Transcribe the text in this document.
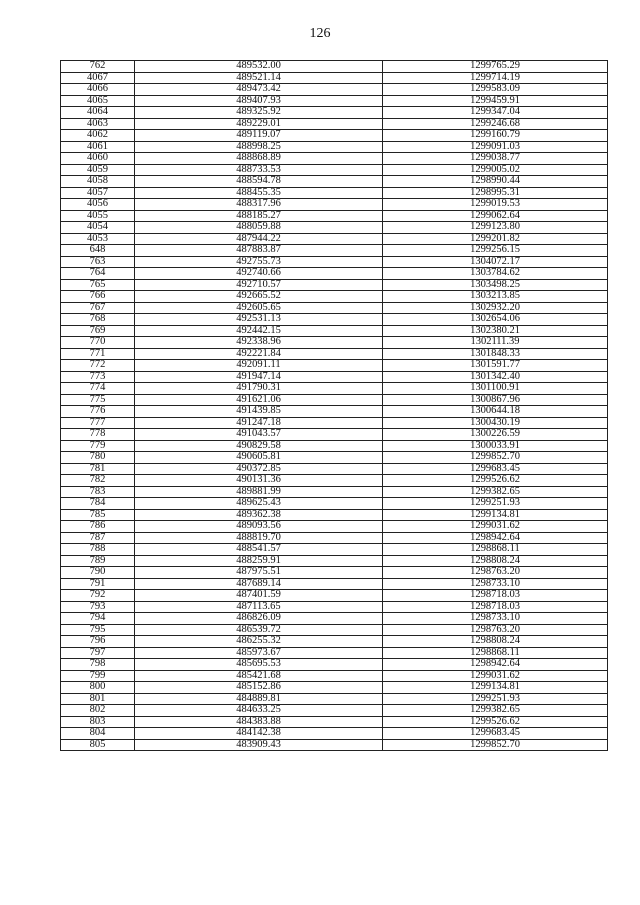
126
762	489532.00	1299765.29
4067	489521.14	1299714.19
4066	489473.42	1299583.09
4065	489407.93	1299459.91
4064	489325.92	1299347.04
4063	489229.01	1299246.68
4062	489119.07	1299160.79
4061	488998.25	1299091.03
4060	488868.89	1299038.77
4059	488733.53	1299005.02
4058	488594.78	1298990.44
4057	488455.35	1298995.31
4056	488317.96	1299019.53
4055	488185.27	1299062.64
4054	488059.88	1299123.80
4053	487944.22	1299201.82
648	487883.87	1299256.15
763	492755.73	1304072.17
764	492740.66	1303784.62
765	492710.57	1303498.25
766	492665.52	1303213.85
767	492605.65	1302932.20
768	492531.13	1302654.06
769	492442.15	1302380.21
770	492338.96	1302111.39
771	492221.84	1301848.33
772	492091.11	1301591.77
773	491947.14	1301342.40
774	491790.31	1301100.91
775	491621.06	1300867.96
776	491439.85	1300644.18
777	491247.18	1300430.19
778	491043.57	1300226.59
779	490829.58	1300033.91
780	490605.81	1299852.70
781	490372.85	1299683.45
782	490131.36	1299526.62
783	489881.99	1299382.65
784	489625.43	1299251.93
785	489362.38	1299134.81
786	489093.56	1299031.62
787	488819.70	1298942.64
788	488541.57	1298868.11
789	488259.91	1298808.24
790	487975.51	1298763.20
791	487689.14	1298733.10
792	487401.59	1298718.03
793	487113.65	1298718.03
794	486826.09	1298733.10
795	486539.72	1298763.20
796	486255.32	1298808.24
797	485973.67	1298868.11
798	485695.53	1298942.64
799	485421.68	1299031.62
800	485152.86	1299134.81
801	484889.81	1299251.93
802	484633.25	1299382.65
803	484383.88	1299526.62
804	484142.38	1299683.45
805	483909.43	1299852.70
